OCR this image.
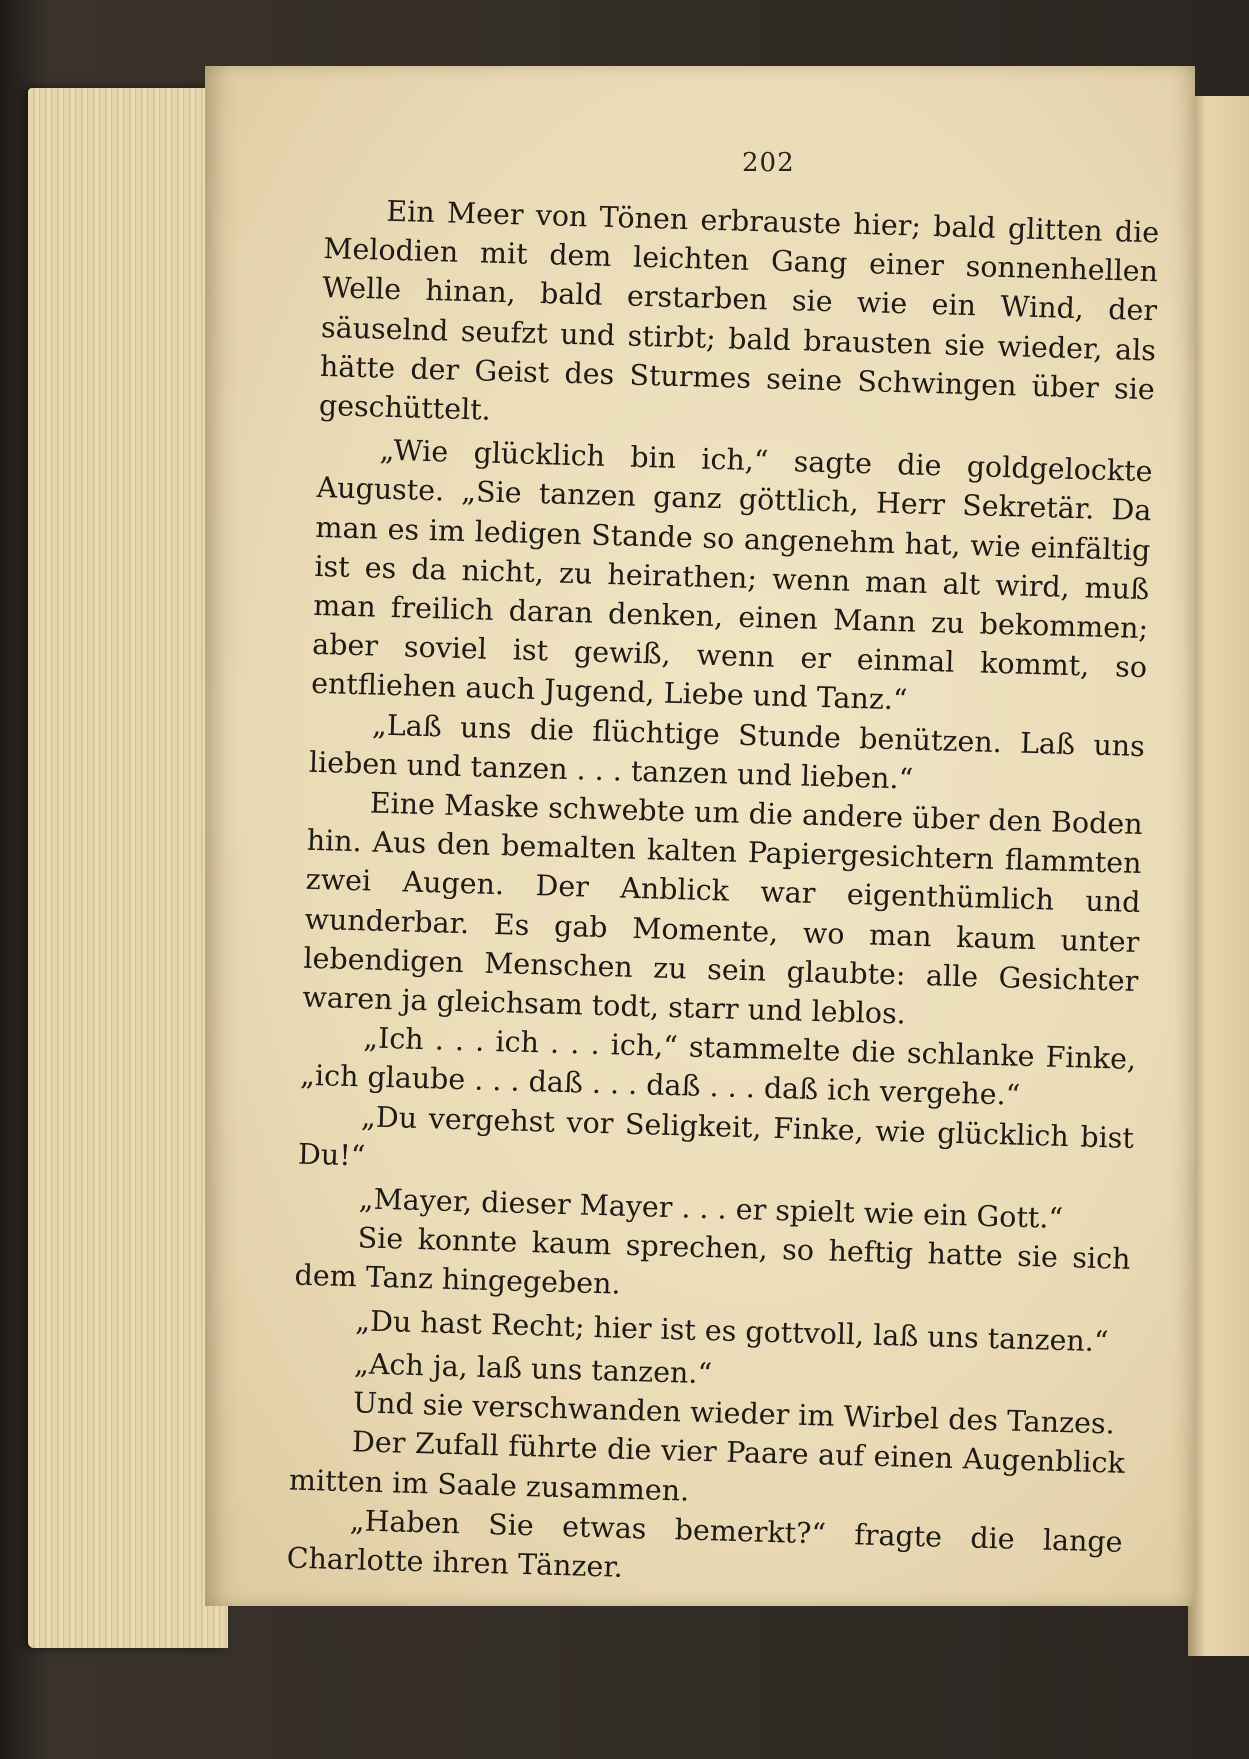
202

Ein Meer von Tönen erbrauste hier; bald glitten die Melodien mit dem leichten Gang einer sonnenhellen Welle hinan, bald erstarben sie wie ein Wind, der säuselnd seufzt und stirbt; bald brausten sie wieder, als hätte der Geist des Sturmes seine Schwingen über sie geschüttelt.

„Wie glücklich bin ich,“ sagte die goldgelockte Auguste. „Sie tanzen ganz göttlich, Herr Sekretär. Da man es im ledigen Stande so angenehm hat, wie einfältig ist es da nicht, zu heirathen; wenn man alt wird, muß man freilich daran denken, einen Mann zu bekommen; aber soviel ist gewiß, wenn er einmal kommt, so entfliehen auch Jugend, Liebe und Tanz.“

„Laß uns die flüchtige Stunde benützen. Laß uns lieben und tanzen . . . tanzen und lieben.“

Eine Maske schwebte um die andere über den Boden hin. Aus den bemalten kalten Papiergesichtern flammten zwei Augen. Der Anblick war eigenthümlich und wunderbar. Es gab Momente, wo man kaum unter lebendigen Menschen zu sein glaubte: alle Gesichter waren ja gleichsam todt, starr und leblos.

„Ich . . . ich . . . ich,“ stammelte die schlanke Finke, „ich glaube . . . daß . . . daß . . . daß ich vergehe.“

„Du vergehst vor Seligkeit, Finke, wie glücklich bist Du!“

„Mayer, dieser Mayer . . . er spielt wie ein Gott.“

Sie konnte kaum sprechen, so heftig hatte sie sich dem Tanz hingegeben.

„Du hast Recht; hier ist es gottvoll, laß uns tanzen.“

„Ach ja, laß uns tanzen.“

Und sie verschwanden wieder im Wirbel des Tanzes.

Der Zufall führte die vier Paare auf einen Augenblick mitten im Saale zusammen.

„Haben Sie etwas bemerkt?“ fragte die lange Charlotte ihren Tänzer.
